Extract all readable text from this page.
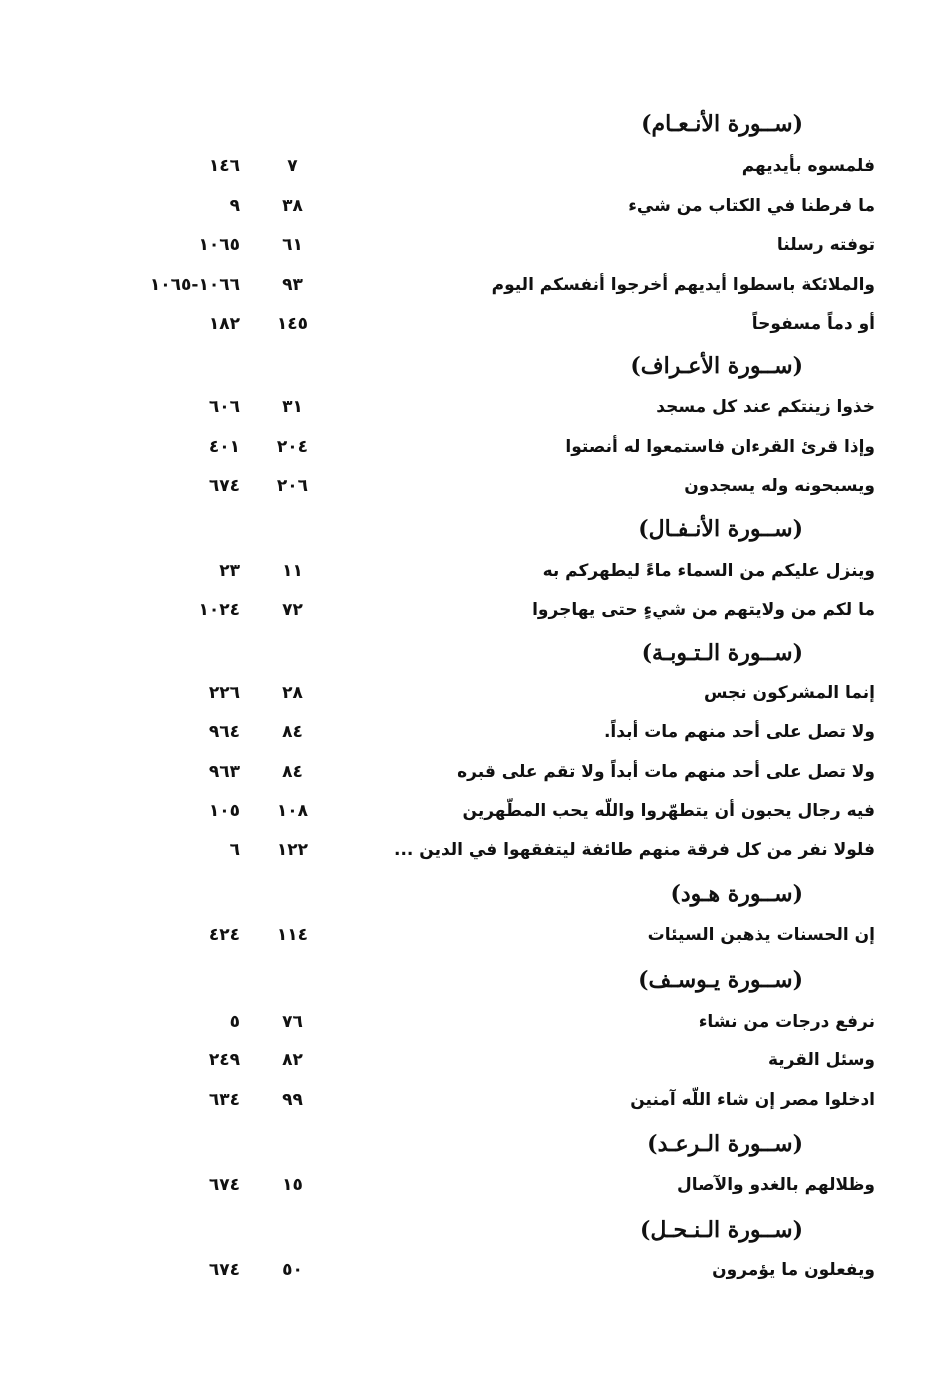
(ســورة الأنـعـام)
فلمسوه بأيديهم
٧
١٤٦
ما فرطنا في الكتاب من شيء
٣٨
٩
توفته رسلنا
٦١
١٠٦٥
والملائكة باسطوا أيديهم أخرجوا أنفسكم اليوم
٩٣
١٠٦٦-١٠٦٥
أو دماً مسفوحاً
١٤٥
١٨٢
(ســورة الأعـراف)
خذوا زينتكم عند كل مسجد
٣١
٦٠٦
وإذا قرئ القرءان فاستمعوا له أنصتوا
٢٠٤
٤٠١
ويسبحونه وله يسجدون
٢٠٦
٦٧٤
(ســورة الأنـفـال)
وينزل عليكم من السماء ماءً ليطهركم به
١١
٢٣
ما لكم من ولايتهم من شيءٍ حتى يهاجروا
٧٢
١٠٢٤
(ســورة الـتـوبـة)
إنما المشركون نجس
٢٨
٢٢٦
ولا تصل على أحد منهم مات أبداً.
٨٤
٩٦٤
ولا تصل على أحد منهم مات أبداً ولا تقم على قبره
٨٤
٩٦٣
فيه رجال يحبون أن يتطهّروا واللّه يحب المطّهرين
١٠٨
١٠٥
فلولا نفر من كل فرقة منهم طائفة ليتفقهوا في الدين ...
١٢٢
٦
(ســورة هـود)
إن الحسنات يذهبن السيئات
١١٤
٤٢٤
(ســورة يـوسـف)
نرفع درجات من نشاء
٧٦
٥
وسئل القرية
٨٢
٢٤٩
ادخلوا مصر إن شاء اللّه آمنين
٩٩
٦٣٤
(ســورة الـرعـد)
وظلالهم بالغدو والآصال
١٥
٦٧٤
(ســورة الـنـحـل)
ويفعلون ما يؤمرون
٥٠
٦٧٤
